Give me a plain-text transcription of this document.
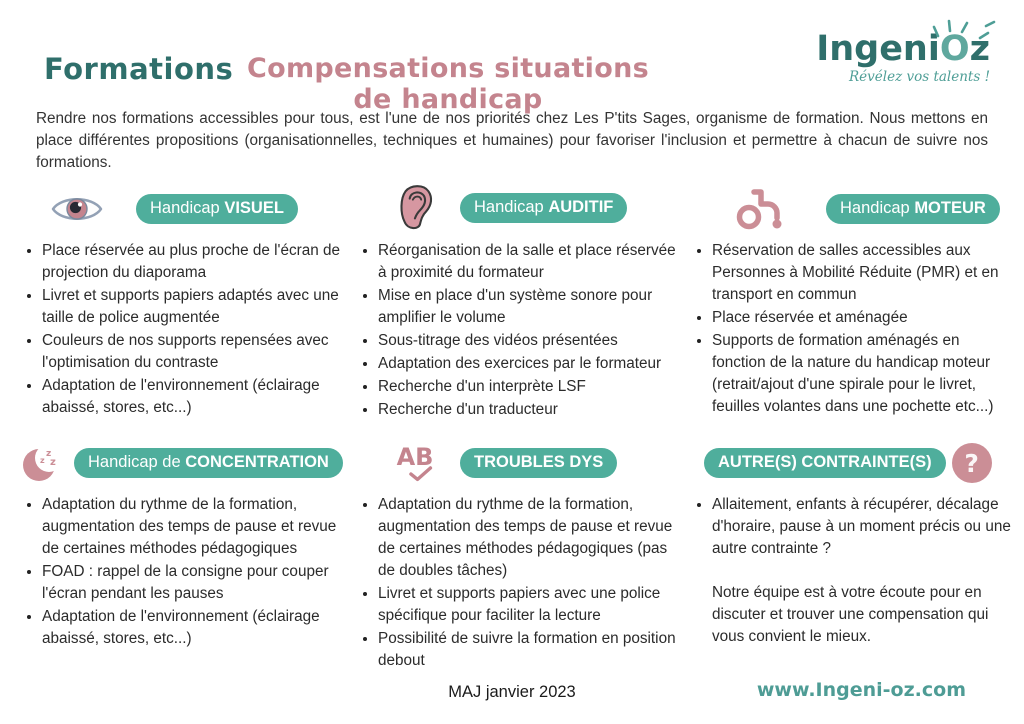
Formations Compensations situations de handicap
IngeniOz
Révélez vos talents !

Rendre nos formations accessibles pour tous, est l'une de nos priorités chez Les P'tits Sages, organisme de formation. Nous mettons en place différentes propositions (organisationnelles, techniques et humaines) pour favoriser l'inclusion et permettre à chacun de suivre nos formations.

Handicap VISUEL
• Place réservée au plus proche de l'écran de projection du diaporama
• Livret et supports papiers adaptés avec une taille de police augmentée
• Couleurs de nos supports repensées avec l'optimisation du contraste
• Adaptation de l'environnement (éclairage abaissé, stores, etc...)
Handicap AUDITIF
• Réorganisation de la salle et place réservée à proximité du formateur
• Mise en place d'un système sonore pour amplifier le volume
• Sous-titrage des vidéos présentées
• Adaptation des exercices par le formateur
• Recherche d'un interprète LSF
• Recherche d'un traducteur
Handicap MOTEUR
• Réservation de salles accessibles aux Personnes à Mobilité Réduite (PMR) et en transport en commun
• Place réservée et aménagée
• Supports de formation aménagés en fonction de la nature du handicap moteur (retrait/ajout d'une spirale pour le livret, feuilles volantes dans une pochette etc...)
z
z z	Handicap de CONCENTRATION
• Adaptation du rythme de la formation, augmentation des temps de pause et revue de certaines méthodes pédagogiques
• FOAD : rappel de la consigne pour couper l'écran pendant les pauses
• Adaptation de l'environnement (éclairage abaissé, stores, etc...)
AB	TROUBLES DYS
• Adaptation du rythme de la formation, augmentation des temps de pause et revue de certaines méthodes pédagogiques (pas de doubles tâches)
• Livret et supports papiers avec une police spécifique pour faciliter la lecture
• Possibilité de suivre la formation en position debout
AUTRE(S) CONTRAINTE(S)	?
• Allaitement, enfants à récupérer, décalage d'horaire, pause à un moment précis ou une autre contrainte ?

Notre équipe est à votre écoute pour en discuter et trouver une compensation qui vous convient le mieux.

MAJ janvier 2023	www.Ingeni-oz.com
